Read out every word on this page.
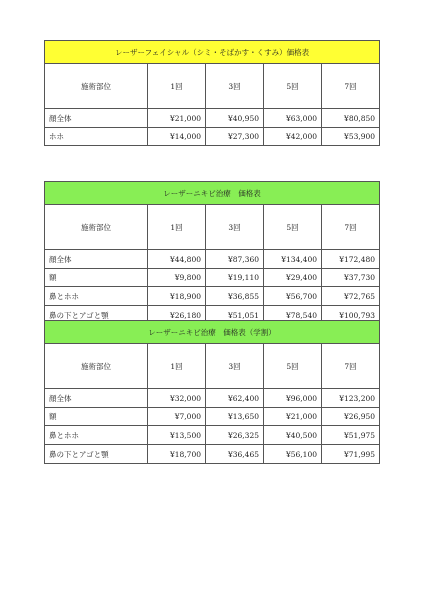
レーザーフェイシャル（シミ・そばかす・くすみ）価格表				
施術部位	1回	3回	5回	7回
顔全体	¥21,000	¥40,950	¥63,000	¥80,850
ホホ	¥14,000	¥27,300	¥42,000	¥53,900
レーザーニキビ治療　価格表				
施術部位	1回	3回	5回	7回
顔全体	¥44,800	¥87,360	¥134,400	¥172,480
額	¥9,800	¥19,110	¥29,400	¥37,730
鼻とホホ	¥18,900	¥36,855	¥56,700	¥72,765
鼻の下とアゴと顎	¥26,180	¥51,051	¥78,540	¥100,793
レーザーニキビ治療　価格表（学割）				
施術部位	1回	3回	5回	7回
顔全体	¥32,000	¥62,400	¥96,000	¥123,200
額	¥7,000	¥13,650	¥21,000	¥26,950
鼻とホホ	¥13,500	¥26,325	¥40,500	¥51,975
鼻の下とアゴと顎	¥18,700	¥36,465	¥56,100	¥71,995
